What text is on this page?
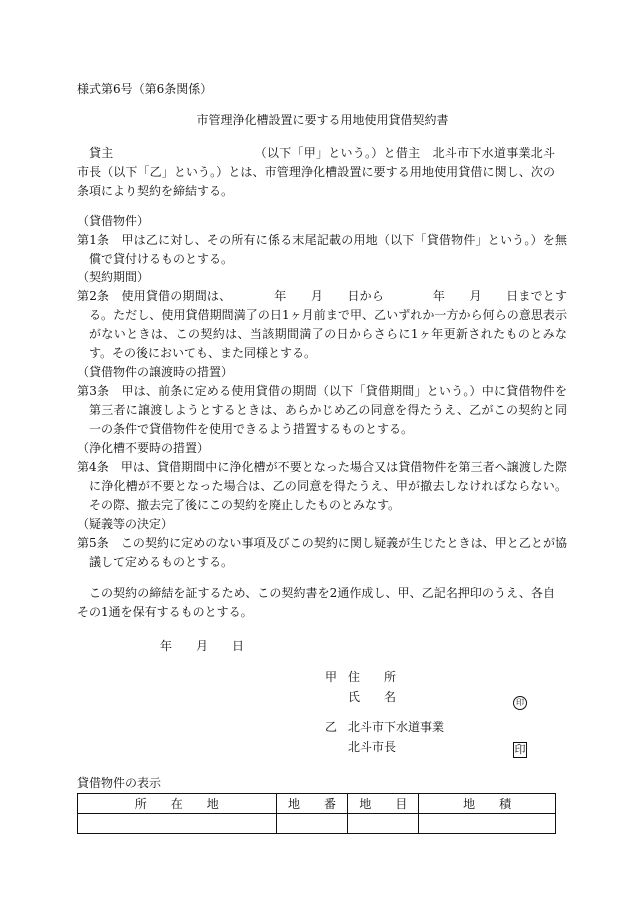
様式第6号（第6条関係）
市管理浄化槽設置に要する用地使用貸借契約書
貸主　　　　　　　　　　　　（以下「甲」という。）と借主　北斗市下水道事業北斗市長（以下「乙」という。）とは、市管理浄化槽設置に要する用地使用貸借に関し、次の条項により契約を締結する。
（貸借物件）
第1条　甲は乙に対し、その所有に係る末尾記載の用地（以下「貸借物件」という。）を無償で貸付けるものとする。
（契約期間）
第2条　使用貸借の期間は、　　　　年　　月　　日から　　　　年　　月　　日までとする。ただし、使用貸借期間満了の日1ヶ月前まで甲、乙いずれか一方から何らの意思表示がないときは、この契約は、当該期間満了の日からさらに1ヶ年更新されたものとみなす。その後においても、また同様とする。
（貸借物件の譲渡時の措置）
第3条　甲は、前条に定める使用貸借の期間（以下「貸借期間」という。）中に貸借物件を第三者に譲渡しようとするときは、あらかじめ乙の同意を得たうえ、乙がこの契約と同一の条件で貸借物件を使用できるよう措置するものとする。
（浄化槽不要時の措置）
第4条　甲は、貸借期間中に浄化槽が不要となった場合又は貸借物件を第三者へ譲渡した際に浄化槽が不要となった場合は、乙の同意を得たうえ、甲が撤去しなければならない。その際、撤去完了後にこの契約を廃止したものとみなす。
（疑義等の決定）
第5条　この契約に定めのない事項及びこの契約に関し疑義が生じたときは、甲と乙とが協議して定めるものとする。
この契約の締結を証するため、この契約書を2通作成し、甲、乙記名押印のうえ、各自その1通を保有するものとする。
年　　月　　日
甲 住　　所
氏　　名	印
乙 北斗市下水道事業
北斗市長	印
貸借物件の表示
所　　在　　地	地　　番	地　　目	地　　積
